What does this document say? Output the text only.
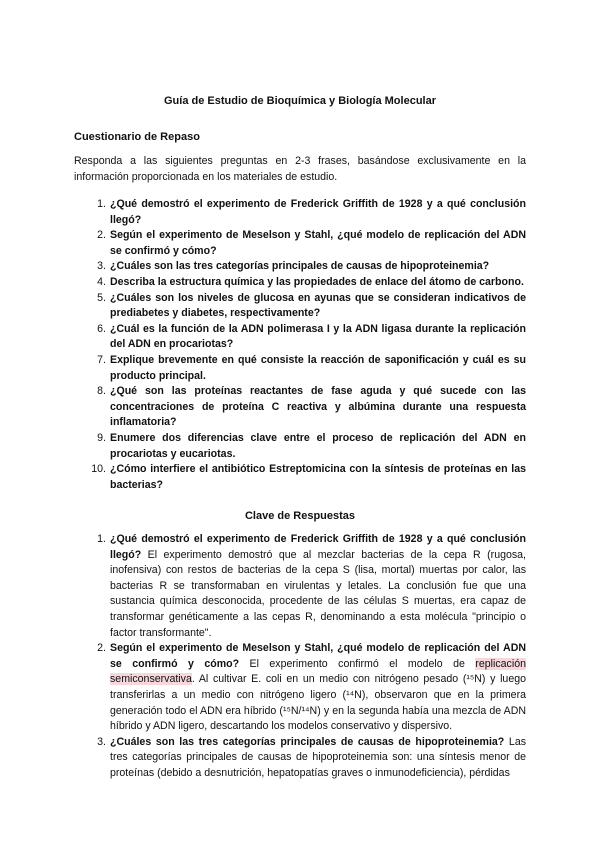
Guía de Estudio de Bioquímica y Biología Molecular
Cuestionario de Repaso
Responda a las siguientes preguntas en 2-3 frases, basándose exclusivamente en la información proporcionada en los materiales de estudio.
1. ¿Qué demostró el experimento de Frederick Griffith de 1928 y a qué conclusión llegó?
2. Según el experimento de Meselson y Stahl, ¿qué modelo de replicación del ADN se confirmó y cómo?
3. ¿Cuáles son las tres categorías principales de causas de hipoproteinemia?
4. Describa la estructura química y las propiedades de enlace del átomo de carbono.
5. ¿Cuáles son los niveles de glucosa en ayunas que se consideran indicativos de prediabetes y diabetes, respectivamente?
6. ¿Cuál es la función de la ADN polimerasa I y la ADN ligasa durante la replicación del ADN en procariotas?
7. Explique brevemente en qué consiste la reacción de saponificación y cuál es su producto principal.
8. ¿Qué son las proteínas reactantes de fase aguda y qué sucede con las concentraciones de proteína C reactiva y albúmina durante una respuesta inflamatoria?
9. Enumere dos diferencias clave entre el proceso de replicación del ADN en procariotas y eucariotas.
10. ¿Cómo interfiere el antibiótico Estreptomicina con la síntesis de proteínas en las bacterias?
Clave de Respuestas
1. ¿Qué demostró el experimento de Frederick Griffith de 1928 y a qué conclusión llegó? El experimento demostró que al mezclar bacterias de la cepa R (rugosa, inofensiva) con restos de bacterias de la cepa S (lisa, mortal) muertas por calor, las bacterias R se transformaban en virulentas y letales. La conclusión fue que una sustancia química desconocida, procedente de las células S muertas, era capaz de transformar genéticamente a las cepas R, denominando a esta molécula "principio o factor transformante".
2. Según el experimento de Meselson y Stahl, ¿qué modelo de replicación del ADN se confirmó y cómo? El experimento confirmó el modelo de replicación semiconservativa. Al cultivar E. coli en un medio con nitrógeno pesado (¹⁵N) y luego transferirlas a un medio con nitrógeno ligero (¹⁴N), observaron que en la primera generación todo el ADN era híbrido (¹⁵N/¹⁴N) y en la segunda había una mezcla de ADN híbrido y ADN ligero, descartando los modelos conservativo y dispersivo.
3. ¿Cuáles son las tres categorías principales de causas de hipoproteinemia? Las tres categorías principales de causas de hipoproteinemia son: una síntesis menor de proteínas (debido a desnutrición, hepatopatías graves o inmunodeficiencia), pérdidas
